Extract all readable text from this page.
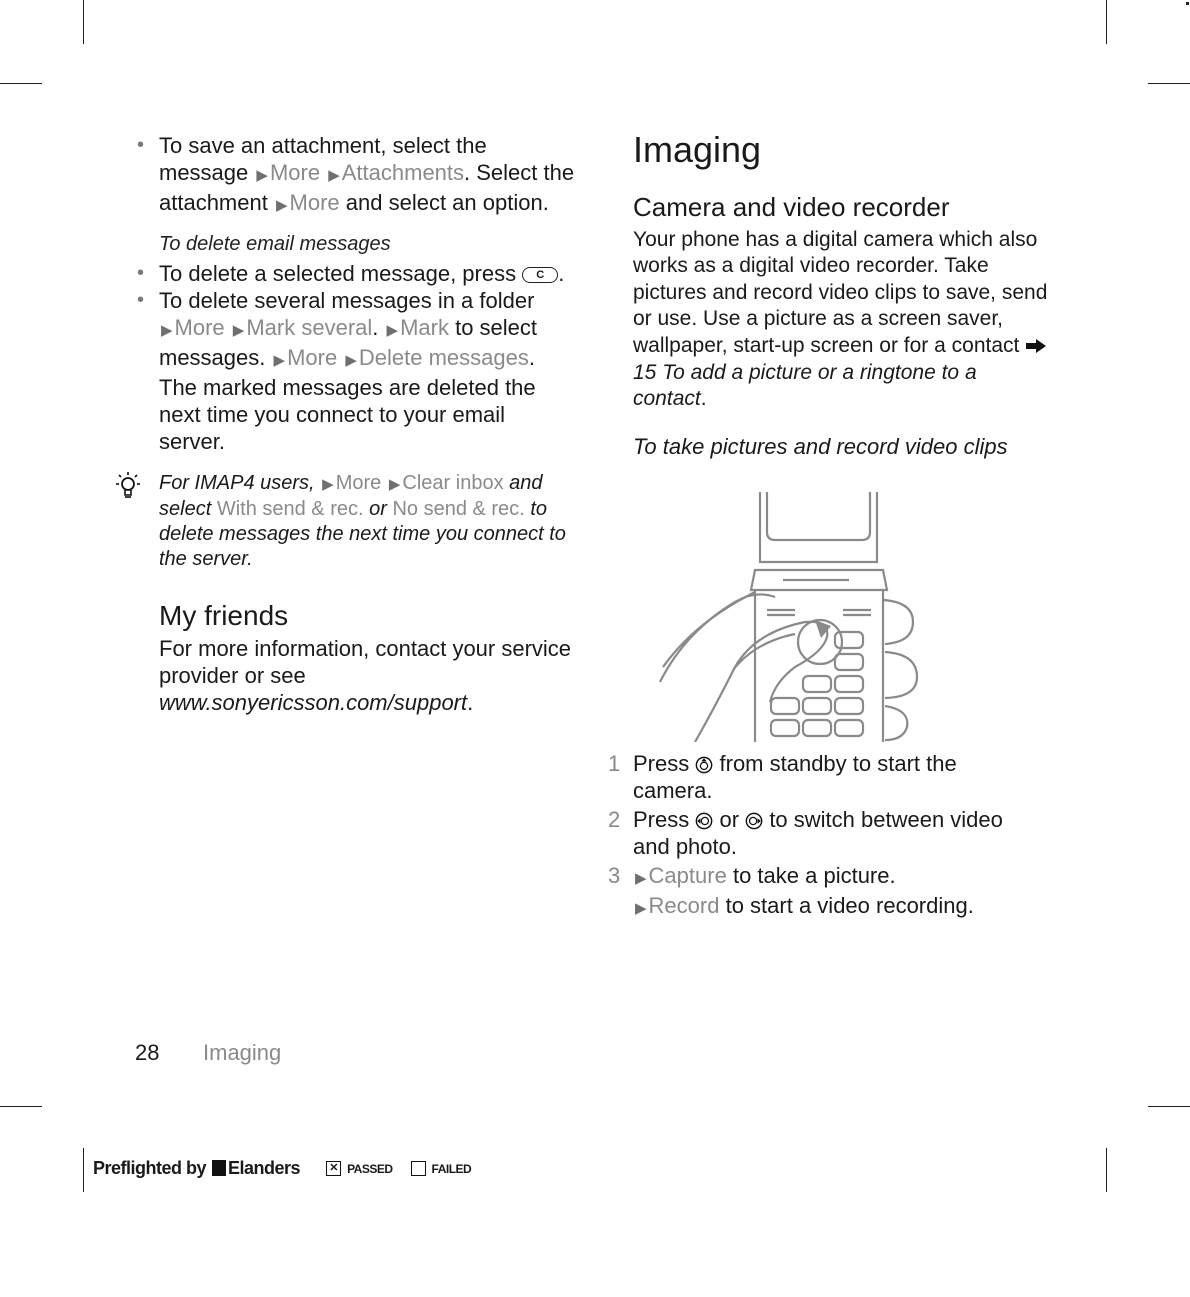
• To save an attachment, select the message ▶More ▶Attachments. Select the attachment ▶More and select an option.
To delete email messages
• To delete a selected message, press C .
• To delete several messages in a folder ▶More ▶Mark several. ▶Mark to select messages. ▶More ▶Delete messages. The marked messages are deleted the next time you connect to your email server.
For IMAP4 users, ▶ More ▶ Clear inbox and select With send & rec. or No send & rec. to delete messages the next time you connect to the server.
My friends
For more information, contact your service provider or see www.sonyericsson.com/support.
Imaging
Camera and video recorder
Your phone has a digital camera which also works as a digital video recorder. Take pictures and record video clips to save, send or use. Use a picture as a screen saver, wallpaper, start-up screen or for a contact  15 To add a picture or a ringtone to a contact.
To take pictures and record video clips
1 Press from standby to start the camera.
2 Press or to switch between video and photo.
3 ▶Capture to take a picture.
▶Record to start a video recording.
28 Imaging
Preflighted by	Elanders	✕ PASSED	FAILED
